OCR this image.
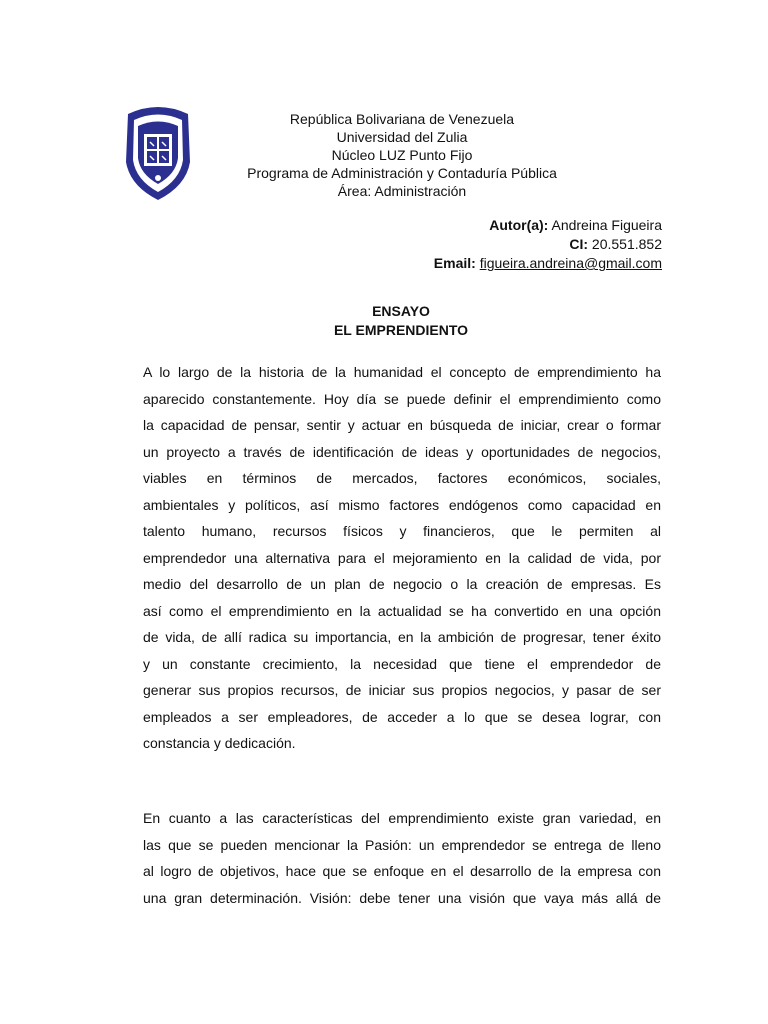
República Bolivariana de Venezuela
Universidad del Zulia
Núcleo LUZ Punto Fijo
Programa de Administración y Contaduría Pública
Área: Administración
Autor(a): Andreina Figueira
CI: 20.551.852
Email: figueira.andreina@gmail.com
ENSAYO
EL EMPRENDIENTO
A lo largo de la historia de la humanidad el concepto de emprendimiento ha
aparecido constantemente. Hoy día se puede definir el emprendimiento como
la capacidad de pensar, sentir y actuar en búsqueda de iniciar, crear o formar
un proyecto a través de identificación de ideas y oportunidades de negocios,
viables en términos de mercados, factores económicos, sociales,
ambientales y políticos, así mismo factores endógenos como capacidad en
talento humano, recursos físicos y financieros, que le permiten al
emprendedor una alternativa para el mejoramiento en la calidad de vida, por
medio del desarrollo de un plan de negocio o la creación de empresas. Es
así como el emprendimiento en la actualidad se ha convertido en una opción
de vida, de allí radica su importancia, en la ambición de progresar, tener éxito
y un constante crecimiento, la necesidad que tiene el emprendedor de
generar sus propios recursos, de iniciar sus propios negocios, y pasar de ser
empleados a ser empleadores, de acceder a lo que se desea lograr, con
constancia y dedicación.
En cuanto a las características del emprendimiento existe gran variedad, en
las que se pueden mencionar la Pasión: un emprendedor se entrega de lleno
al logro de objetivos, hace que se enfoque en el desarrollo de la empresa con
una gran determinación. Visión: debe tener una visión que vaya más allá de
